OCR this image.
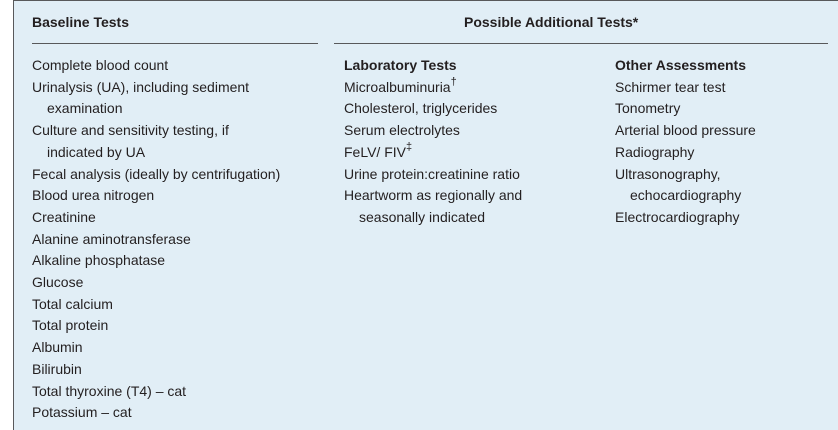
Baseline Tests	Possible Additional Tests*
Complete blood count
Urinalysis (UA), including sediment
examination
Culture and sensitivity testing, if
indicated by UA
Fecal analysis (ideally by centrifugation)
Blood urea nitrogen
Creatinine
Alanine aminotransferase
Alkaline phosphatase
Glucose
Total calcium
Total protein
Albumin
Bilirubin
Total thyroxine (T4) – cat
Potassium – cat
Laboratory Tests
Microalbuminuria†
Cholesterol, triglycerides
Serum electrolytes
FeLV/ FIV‡
Urine protein:creatinine ratio
Heartworm as regionally and
seasonally indicated
Other Assessments
Schirmer tear test
Tonometry
Arterial blood pressure
Radiography
Ultrasonography,
echocardiography
Electrocardiography
